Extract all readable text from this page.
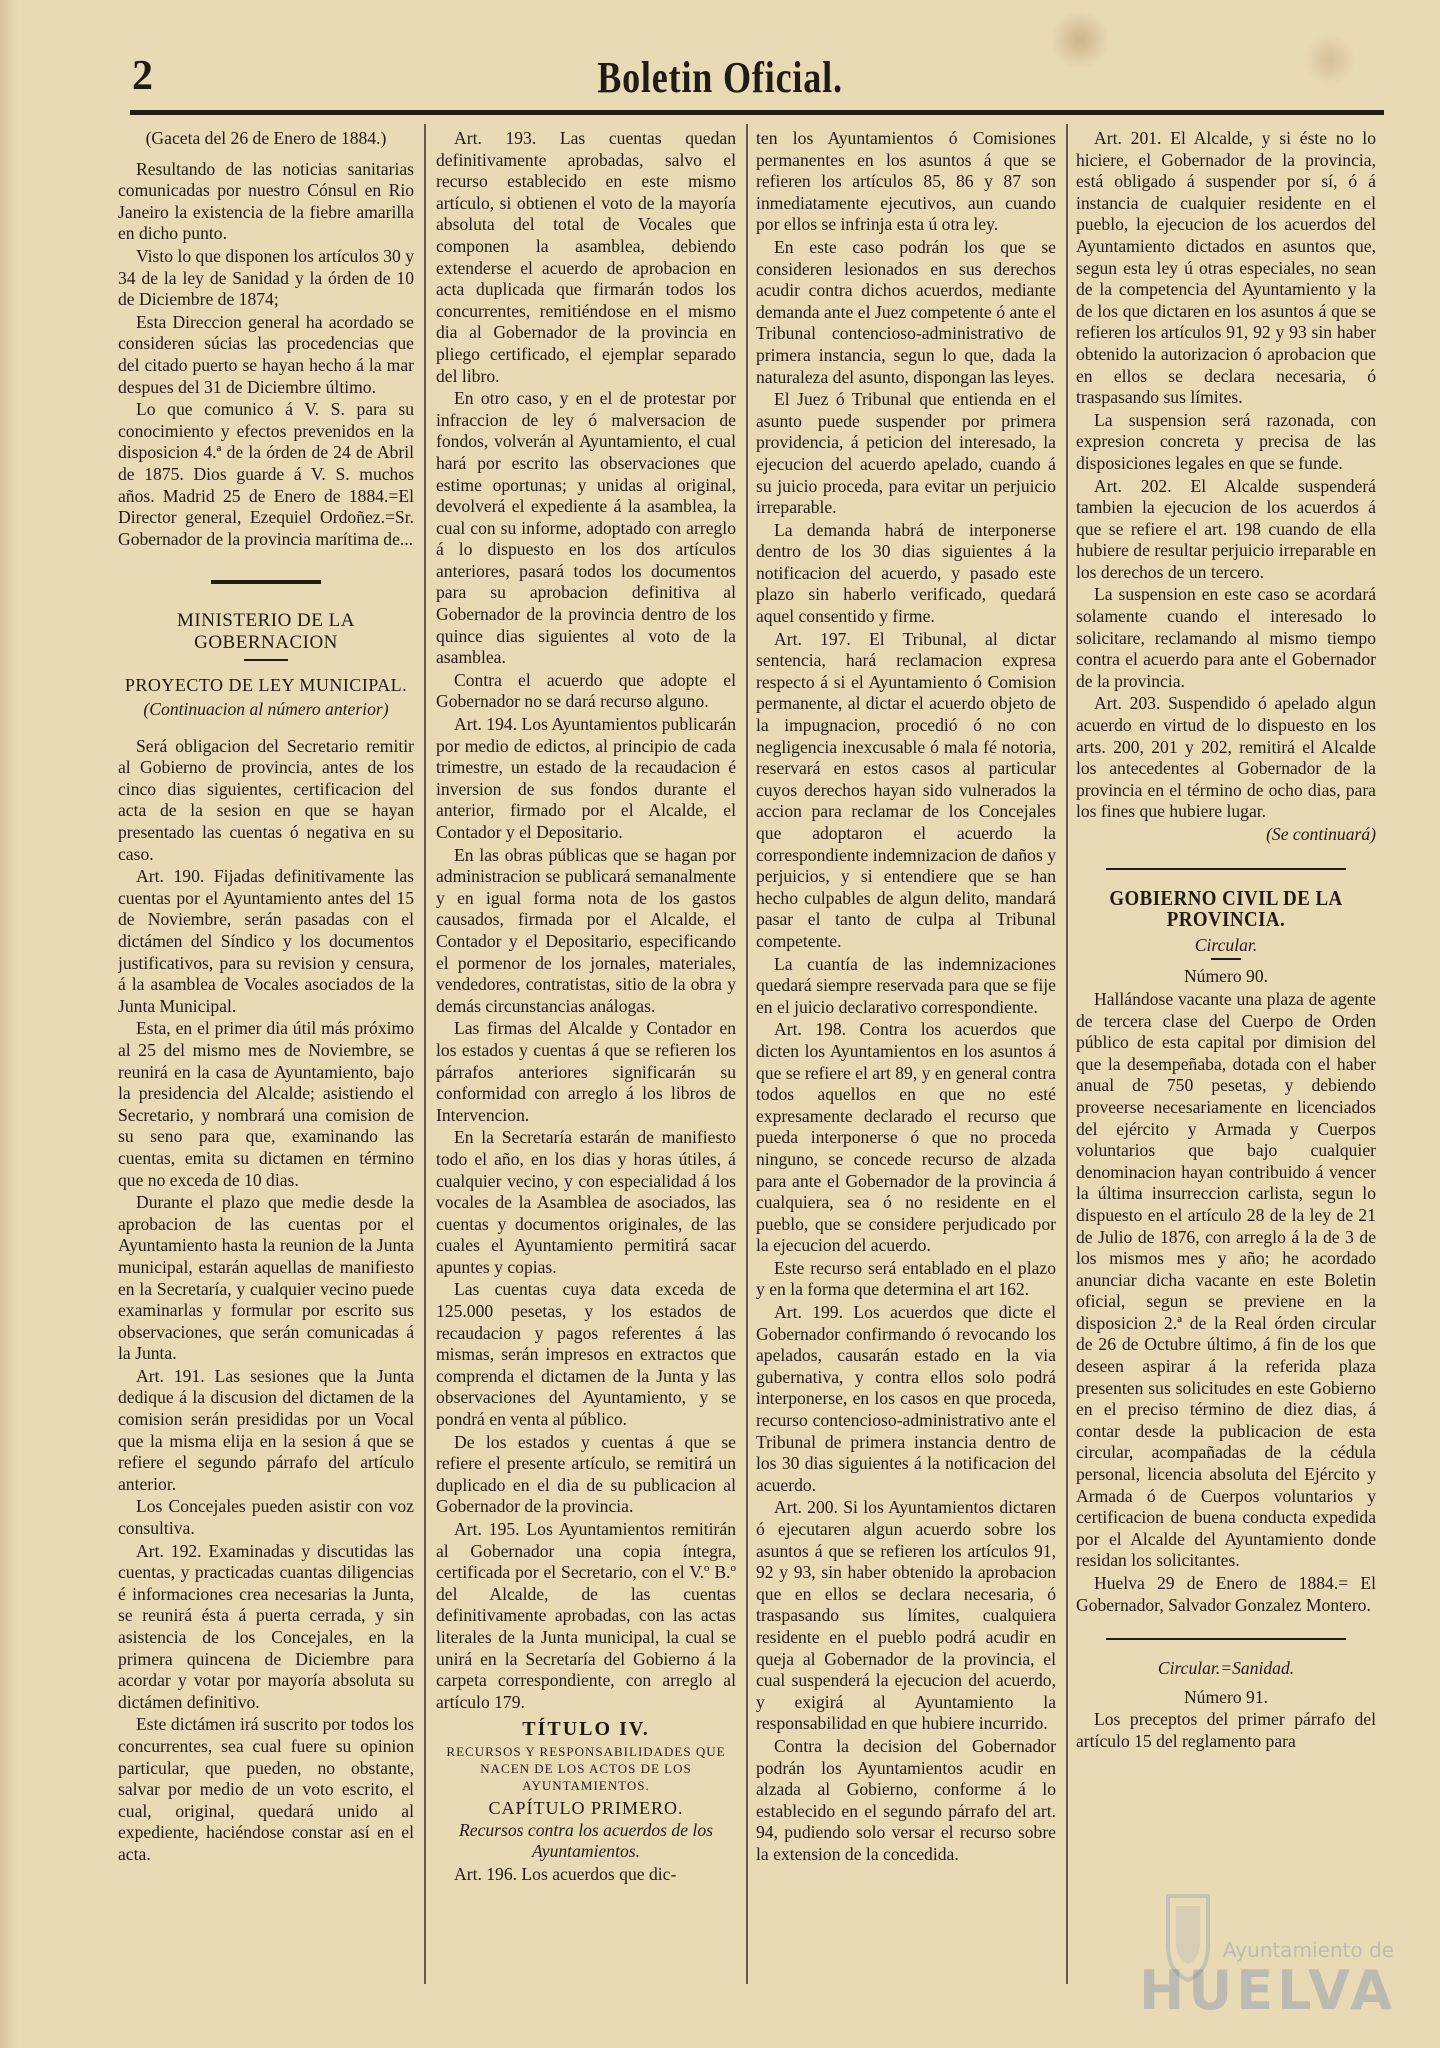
2	Boletin Oficial.

(Gaceta del 26 de Enero de 1884.)

Resultando de las noticias sanitarias comunicadas por nuestro Cónsul en Rio Janeiro la existencia de la fiebre amarilla en dicho punto.

Visto lo que disponen los artículos 30 y 34 de la ley de Sanidad y la órden de 10 de Diciembre de 1874;

Esta Direccion general ha acordado se consideren súcias las procedencias que del citado puerto se hayan hecho á la mar despues del 31 de Diciembre último.

Lo que comunico á V. S. para su conocimiento y efectos prevenidos en la disposicion 4.ª de la órden de 24 de Abril de 1875. Dios guarde á V. S. muchos años. Madrid 25 de Enero de 1884.=El Director general, Ezequiel Ordoñez.=Sr. Gobernador de la provincia marítima de...

MINISTERIO DE LA GOBERNACION
PROYECTO DE LEY MUNICIPAL.

(Continuacion al número anterior)

Será obligacion del Secretario remitir al Gobierno de provincia, antes de los cinco dias siguientes, certificacion del acta de la sesion en que se hayan presentado las cuentas ó negativa en su caso.

Art. 190. Fijadas definitivamente las cuentas por el Ayuntamiento antes del 15 de Noviembre, serán pasadas con el dictámen del Síndico y los documentos justificativos, para su revision y censura, á la asamblea de Vocales asociados de la Junta Municipal.

Esta, en el primer dia útil más próximo al 25 del mismo mes de Noviembre, se reunirá en la casa de Ayuntamiento, bajo la presidencia del Alcalde; asistiendo el Secretario, y nombrará una comision de su seno para que, examinando las cuentas, emita su dictamen en término que no exceda de 10 dias.

Durante el plazo que medie desde la aprobacion de las cuentas por el Ayuntamiento hasta la reunion de la Junta municipal, estarán aquellas de manifiesto en la Secretaría, y cualquier vecino puede examinarlas y formular por escrito sus observaciones, que serán comunicadas á la Junta.

Art. 191. Las sesiones que la Junta dedique á la discusion del dictamen de la comision serán presididas por un Vocal que la misma elija en la sesion á que se refiere el segundo párrafo del artículo anterior.

Los Concejales pueden asistir con voz consultiva.

Art. 192. Examinadas y discutidas las cuentas, y practicadas cuantas diligencias é informaciones crea necesarias la Junta, se reunirá ésta á puerta cerrada, y sin asistencia de los Concejales, en la primera quincena de Diciembre para acordar y votar por mayoría absoluta su dictámen definitivo.

Este dictámen irá suscrito por todos los concurrentes, sea cual fuere su opinion particular, que pueden, no obstante, salvar por medio de un voto escrito, el cual, original, quedará unido al expediente, haciéndose constar así en el acta.

Art. 193. Las cuentas quedan definitivamente aprobadas, salvo el recurso establecido en este mismo artículo, si obtienen el voto de la mayoría absoluta del total de Vocales que componen la asamblea, debiendo extenderse el acuerdo de aprobacion en acta duplicada que firmarán todos los concurrentes, remitiéndose en el mismo dia al Gobernador de la provincia en pliego certificado, el ejemplar separado del libro.

En otro caso, y en el de protestar por infraccion de ley ó malversacion de fondos, volverán al Ayuntamiento, el cual hará por escrito las observaciones que estime oportunas; y unidas al original, devolverá el expediente á la asamblea, la cual con su informe, adoptado con arreglo á lo dispuesto en los dos artículos anteriores, pasará todos los documentos para su aprobacion definitiva al Gobernador de la provincia dentro de los quince dias siguientes al voto de la asamblea.

Contra el acuerdo que adopte el Gobernador no se dará recurso alguno.

Art. 194. Los Ayuntamientos publicarán por medio de edictos, al principio de cada trimestre, un estado de la recaudacion é inversion de sus fondos durante el anterior, firmado por el Alcalde, el Contador y el Depositario.

En las obras públicas que se hagan por administracion se publicará semanalmente y en igual forma nota de los gastos causados, firmada por el Alcalde, el Contador y el Depositario, especificando el pormenor de los jornales, materiales, vendedores, contratistas, sitio de la obra y demás circunstancias análogas.

Las firmas del Alcalde y Contador en los estados y cuentas á que se refieren los párrafos anteriores significarán su conformidad con arreglo á los libros de Intervencion.

En la Secretaría estarán de manifiesto todo el año, en los dias y horas útiles, á cualquier vecino, y con especialidad á los vocales de la Asamblea de asociados, las cuentas y documentos originales, de las cuales el Ayuntamiento permitirá sacar apuntes y copias.

Las cuentas cuya data exceda de 125.000 pesetas, y los estados de recaudacion y pagos referentes á las mismas, serán impresos en extractos que comprenda el dictamen de la Junta y las observaciones del Ayuntamiento, y se pondrá en venta al público.

De los estados y cuentas á que se refiere el presente artículo, se remitirá un duplicado en el dia de su publicacion al Gobernador de la provincia.

Art. 195. Los Ayuntamientos remitirán al Gobernador una copia íntegra, certificada por el Secretario, con el V.º B.º del Alcalde, de las cuentas definitivamente aprobadas, con las actas literales de la Junta municipal, la cual se unirá en la Secretaría del Gobierno á la carpeta correspondiente, con arreglo al artículo 179.

TÍTULO IV.
RECURSOS Y RESPONSABILIDADES QUE NACEN DE LOS ACTOS DE LOS AYUNTAMIENTOS.
CAPÍTULO PRIMERO.

Recursos contra los acuerdos de los Ayuntamientos.

Art. 196. Los acuerdos que dic-

ten los Ayuntamientos ó Comisiones permanentes en los asuntos á que se refieren los artículos 85, 86 y 87 son inmediatamente ejecutivos, aun cuando por ellos se infrinja esta ú otra ley.

En este caso podrán los que se consideren lesionados en sus derechos acudir contra dichos acuerdos, mediante demanda ante el Juez competente ó ante el Tribunal contencioso-administrativo de primera instancia, segun lo que, dada la naturaleza del asunto, dispongan las leyes.

El Juez ó Tribunal que entienda en el asunto puede suspender por primera providencia, á peticion del interesado, la ejecucion del acuerdo apelado, cuando á su juicio proceda, para evitar un perjuicio irreparable.

La demanda habrá de interponerse dentro de los 30 dias siguientes á la notificacion del acuerdo, y pasado este plazo sin haberlo verificado, quedará aquel consentido y firme.

Art. 197. El Tribunal, al dictar sentencia, hará reclamacion expresa respecto á si el Ayuntamiento ó Comision permanente, al dictar el acuerdo objeto de la impugnacion, procedió ó no con negligencia inexcusable ó mala fé notoria, reservará en estos casos al particular cuyos derechos hayan sido vulnerados la accion para reclamar de los Concejales que adoptaron el acuerdo la correspondiente indemnizacion de daños y perjuicios, y si entendiere que se han hecho culpables de algun delito, mandará pasar el tanto de culpa al Tribunal competente.

La cuantía de las indemnizaciones quedará siempre reservada para que se fije en el juicio declarativo correspondiente.

Art. 198. Contra los acuerdos que dicten los Ayuntamientos en los asuntos á que se refiere el art 89, y en general contra todos aquellos en que no esté expresamente declarado el recurso que pueda interponerse ó que no proceda ninguno, se concede recurso de alzada para ante el Gobernador de la provincia á cualquiera, sea ó no residente en el pueblo, que se considere perjudicado por la ejecucion del acuerdo.

Este recurso será entablado en el plazo y en la forma que determina el art 162.

Art. 199. Los acuerdos que dicte el Gobernador confirmando ó revocando los apelados, causarán estado en la via gubernativa, y contra ellos solo podrá interponerse, en los casos en que proceda, recurso contencioso-administrativo ante el Tribunal de primera instancia dentro de los 30 dias siguientes á la notificacion del acuerdo.

Art. 200. Si los Ayuntamientos dictaren ó ejecutaren algun acuerdo sobre los asuntos á que se refieren los artículos 91, 92 y 93, sin haber obtenido la aprobacion que en ellos se declara necesaria, ó traspasando sus límites, cualquiera residente en el pueblo podrá acudir en queja al Gobernador de la provincia, el cual suspenderá la ejecucion del acuerdo, y exigirá al Ayuntamiento la responsabilidad en que hubiere incurrido.

Contra la decision del Gobernador podrán los Ayuntamientos acudir en alzada al Gobierno, conforme á lo establecido en el segundo párrafo del art. 94, pudiendo solo versar el recurso sobre la extension de la concedida.

Art. 201. El Alcalde, y si éste no lo hiciere, el Gobernador de la provincia, está obligado á suspender por sí, ó á instancia de cualquier residente en el pueblo, la ejecucion de los acuerdos del Ayuntamiento dictados en asuntos que, segun esta ley ú otras especiales, no sean de la competencia del Ayuntamiento y la de los que dictaren en los asuntos á que se refieren los artículos 91, 92 y 93 sin haber obtenido la autorizacion ó aprobacion que en ellos se declara necesaria, ó traspasando sus límites.

La suspension será razonada, con expresion concreta y precisa de las disposiciones legales en que se funde.

Art. 202. El Alcalde suspenderá tambien la ejecucion de los acuerdos á que se refiere el art. 198 cuando de ella hubiere de resultar perjuicio irreparable en los derechos de un tercero.

La suspension en este caso se acordará solamente cuando el interesado lo solicitare, reclamando al mismo tiempo contra el acuerdo para ante el Gobernador de la provincia.

Art. 203. Suspendido ó apelado algun acuerdo en virtud de lo dispuesto en los arts. 200, 201 y 202, remitirá el Alcalde los antecedentes al Gobernador de la provincia en el término de ocho dias, para los fines que hubiere lugar.

(Se continuará)

GOBIERNO CIVIL DE LA PROVINCIA.

Circular.

Número 90.

Hallándose vacante una plaza de agente de tercera clase del Cuerpo de Orden público de esta capital por dimision del que la desempeñaba, dotada con el haber anual de 750 pesetas, y debiendo proveerse necesariamente en licenciados del ejército y Armada y Cuerpos voluntarios que bajo cualquier denominacion hayan contribuido á vencer la última insurreccion carlista, segun lo dispuesto en el artículo 28 de la ley de 21 de Julio de 1876, con arreglo á la de 3 de los mismos mes y año; he acordado anunciar dicha vacante en este Boletin oficial, segun se previene en la disposicion 2.ª de la Real órden circular de 26 de Octubre último, á fin de los que deseen aspirar á la referida plaza presenten sus solicitudes en este Gobierno en el preciso término de diez dias, á contar desde la publicacion de esta circular, acompañadas de la cédula personal, licencia absoluta del Ejército y Armada ó de Cuerpos voluntarios y certificacion de buena conducta expedida por el Alcalde del Ayuntamiento donde residan los solicitantes.

Huelva 29 de Enero de 1884.= El Gobernador, Salvador Gonzalez Montero.

Circular.=Sanidad.

Número 91.

Los preceptos del primer párrafo del artículo 15 del reglamento para

Ayuntamiento de
HUELVA
